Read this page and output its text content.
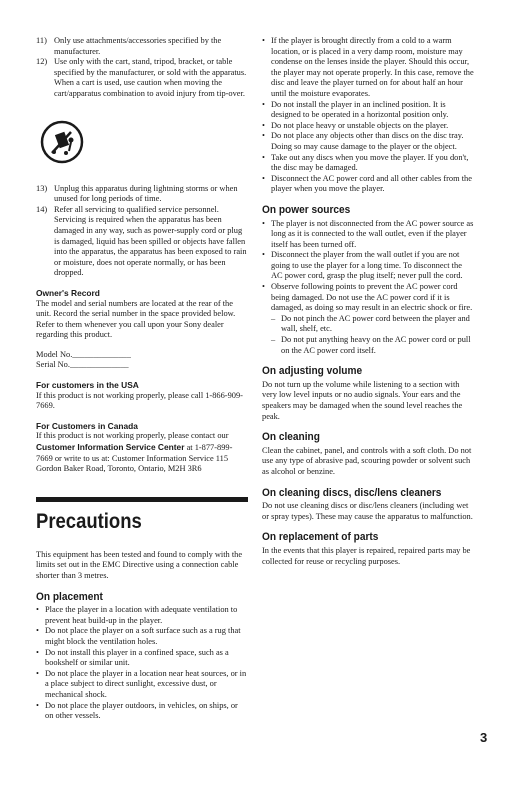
11) Only use attachments/accessories specified by the manufacturer.
12) Use only with the cart, stand, tripod, bracket, or table specified by the manufacturer, or sold with the apparatus. When a cart is used, use caution when moving the cart/apparatus combination to avoid injury from tip-over.
13) Unplug this apparatus during lightning storms or when unused for long periods of time.
14) Refer all servicing to qualified service personnel. Servicing is required when the apparatus has been damaged in any way, such as power-supply cord or plug is damaged, liquid has been spilled or objects have fallen into the apparatus, the apparatus has been exposed to rain or moisture, does not operate normally, or has been dropped.
Owner's Record

The model and serial numbers are located at the rear of the unit. Record the serial number in the space provided below. Refer to them whenever you call upon your Sony dealer regarding this product.

Model No.______________

Serial No.______________

For customers in the USA

If this product is not working properly, please call 1-866-909-7669.

For Customers in Canada

If this product is not working properly, please contact our Customer Information Service Center at 1-877-899-7669 or write to us at: Customer Information Service 115 Gordon Baker Road, Toronto, Ontario, M2H 3R6

Precautions

This equipment has been tested and found to comply with the limits set out in the EMC Directive using a connection cable shorter than 3 metres.

On placement
• Place the player in a location with adequate ventilation to prevent heat build-up in the player.
• Do not place the player on a soft surface such as a rug that might block the ventilation holes.
• Do not install this player in a confined space, such as a bookshelf or similar unit.
• Do not place the player in a location near heat sources, or in a place subject to direct sunlight, excessive dust, or mechanical shock.
• Do not place the player outdoors, in vehicles, on ships, or on other vessels.
• If the player is brought directly from a cold to a warm location, or is placed in a very damp room, moisture may condense on the lenses inside the player. Should this occur, the player may not operate properly. In this case, remove the disc and leave the player turned on for about half an hour until the moisture evaporates.
• Do not install the player in an inclined position. It is designed to be operated in a horizontal position only.
• Do not place heavy or unstable objects on the player.
• Do not place any objects other than discs on the disc tray. Doing so may cause damage to the player or the object.
• Take out any discs when you move the player. If you don't, the disc may be damaged.
• Disconnect the AC power cord and all other cables from the player when you move the player.
On power sources
• The player is not disconnected from the AC power source as long as it is connected to the wall outlet, even if the player itself has been turned off.
• Disconnect the player from the wall outlet if you are not going to use the player for a long time. To disconnect the AC power cord, grasp the plug itself; never pull the cord.
• Observe following points to prevent the AC power cord being damaged. Do not use the AC power cord if it is damaged, as doing so may result in an electric shock or fire.
– Do not pinch the AC power cord between the player and wall, shelf, etc.
– Do not put anything heavy on the AC power cord or pull on the AC power cord itself.
On adjusting volume

Do not turn up the volume while listening to a section with very low level inputs or no audio signals. Your ears and the speakers may be damaged when the sound level reaches the peak.

On cleaning

Clean the cabinet, panel, and controls with a soft cloth. Do not use any type of abrasive pad, scouring powder or solvent such as alcohol or benzine.

On cleaning discs, disc/lens cleaners

Do not use cleaning discs or disc/lens cleaners (including wet or spray types). These may cause the apparatus to malfunction.

On replacement of parts

In the events that this player is repaired, repaired parts may be collected for reuse or recycling purposes.

3
